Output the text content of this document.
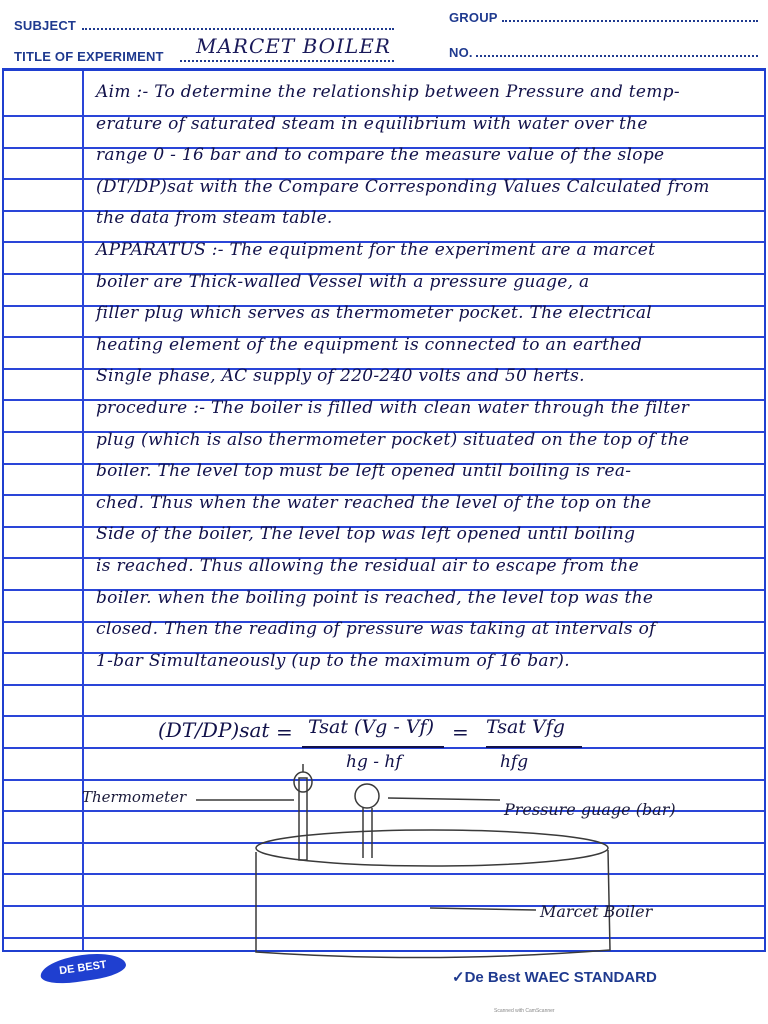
SUBJECT
GROUP
TITLE OF EXPERIMENT MARCET BOILER	NO.
Aim :- To determine the relationship between Pressure and temp-
erature of saturated steam in equilibrium with water over the
range 0 - 16 bar and to compare the measure value of the slope
(DT/DP)sat with the Compare Corresponding Values Calculated from
the data from steam table.
APPARATUS :- The equipment for the experiment are a marcet
boiler are Thick-walled Vessel with a pressure guage, a
filler plug which serves as thermometer pocket. The electrical
heating element of the equipment is connected to an earthed
Single phase, AC supply of 220-240 volts and 50 herts.
procedure :- The boiler is filled with clean water through the filter
plug (which is also thermometer pocket) situated on the top of the
boiler. The level top must be left opened until boiling is rea-
ched. Thus when the water reached the level of the top on the
Side of the boiler, The level top was left opened until boiling
is reached. Thus allowing the residual air to escape from the
boiler. when the boiling point is reached, the level top was the
closed. Then the reading of pressure was taking at intervals of
1-bar Simultaneously (up to the maximum of 16 bar).
(DT/DP)sat = Tsat (Vg - Vf)
hg - hf
= Tsat Vfg
hfg
Thermometer
Pressure guage (bar)
Marcet Boiler
DE BEST
✓De Best WAEC STANDARD
Scanned with CamScanner
